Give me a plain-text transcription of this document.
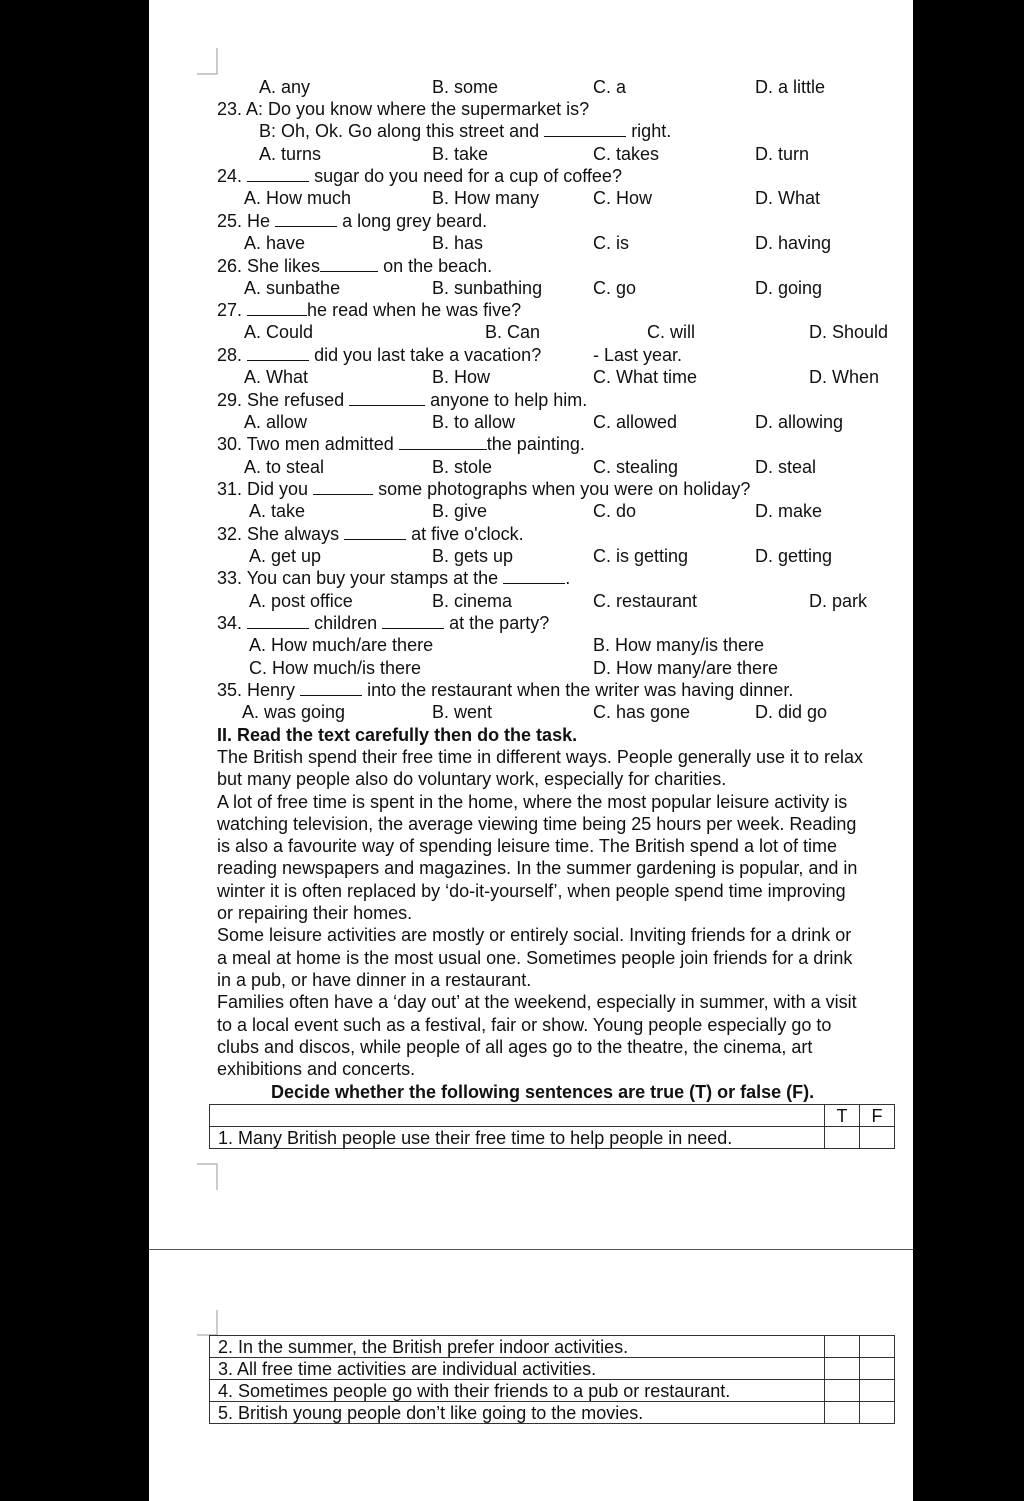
A. any	B. some	C. a	D. a little
23. A: Do you know where the supermarket is?
B: Oh, Ok. Go along this street and	right.
A. turns	B. take	C. takes	D. turn
24.	sugar do you need for a cup of coffee?
A. How much	B. How many	C. How	D. What
25. He	a long grey beard.
A. have	B. has	C. is	D. having
26. She likes	on the beach.
A. sunbathe	B. sunbathing	C. go	D. going
27.	he read when he was five?
A. Could	B. Can	C. will	D. Should
28.	did you last take a vacation?	- Last year.
A. What	B. How	C. What time	D. When
29. She refused	anyone to help him.
A. allow	B. to allow	C. allowed	D. allowing
30. Two men admitted	the painting.
A. to steal	B. stole	C. stealing	D. steal
31. Did you	some photographs when you were on holiday?
A. take	B. give	C. do	D. make
32. She always	at five o'clock.
A. get up	B. gets up	C. is getting	D. getting
33. You can buy your stamps at the	.
A. post office	B. cinema	C. restaurant	D. park
34.	children	at the party?
A. How much/are there	B. How many/is there
C. How much/is there	D. How many/are there
35. Henry	into the restaurant when the writer was having dinner.
A. was going	B. went	C. has gone	D. did go
II. Read the text carefully then do the task.
The British spend their free time in different ways. People generally use it to relax
but many people also do voluntary work, especially for charities.
A lot of free time is spent in the home, where the most popular leisure activity is
watching television, the average viewing time being 25 hours per week. Reading
is also a favourite way of spending leisure time. The British spend a lot of time
reading newspapers and magazines. In the summer gardening is popular, and in
winter it is often replaced by ‘do-it-yourself’, when people spend time improving
or repairing their homes.
Some leisure activities are mostly or entirely social. Inviting friends for a drink or
a meal at home is the most usual one. Sometimes people join friends for a drink
in a pub, or have dinner in a restaurant.
Families often have a ‘day out’ at the weekend, especially in summer, with a visit
to a local event such as a festival, fair or show. Young people especially go to
clubs and discos, while people of all ages go to the theatre, the cinema, art
exhibitions and concerts.
Decide whether the following sentences are true (T) or false (F).
	T	F
1. Many British people use their free time to help people in need.		
2. In the summer, the British prefer indoor activities.		
3. All free time activities are individual activities.		
4. Sometimes people go with their friends to a pub or restaurant.		
5. British young people don’t like going to the movies.		
